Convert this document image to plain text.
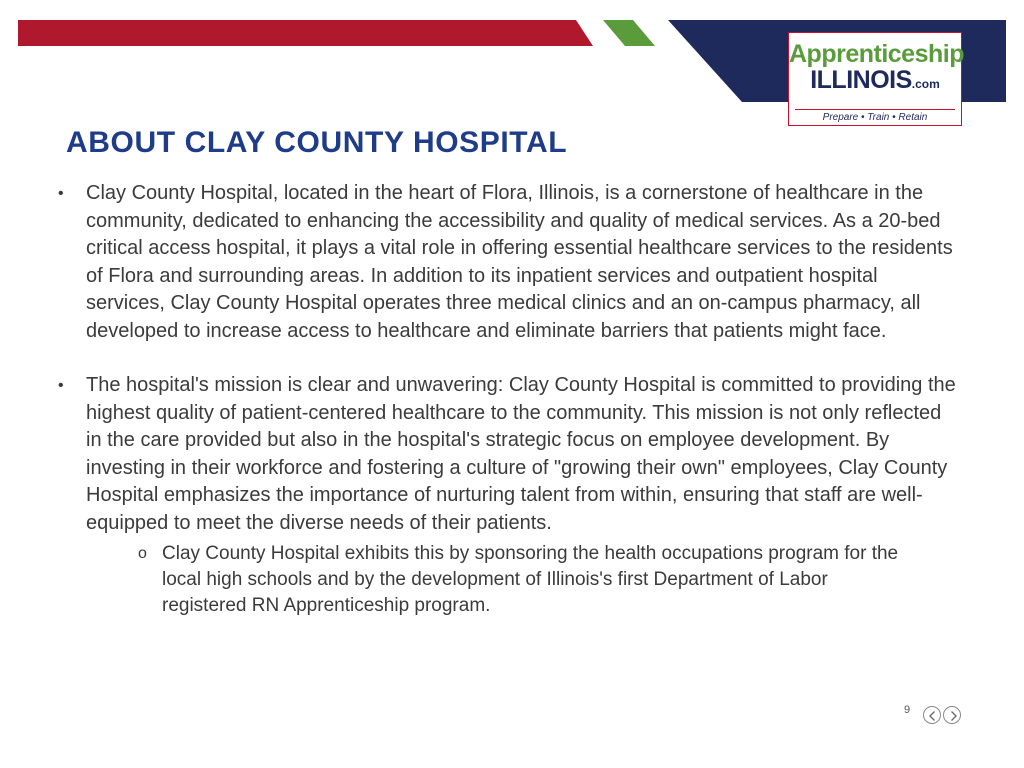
Apprenticeship
ILLINOIS.com
Prepare • Train • Retain
ABOUT CLAY COUNTY HOSPITAL
•	Clay County Hospital, located in the heart of Flora, Illinois, is a cornerstone of healthcare in the community, dedicated to enhancing the accessibility and quality of medical services. As a 20-bed critical access hospital, it plays a vital role in offering essential healthcare services to the residents of Flora and surrounding areas. In addition to its inpatient services and outpatient hospital services, Clay County Hospital operates three medical clinics and an on-campus pharmacy, all developed to increase access to healthcare and eliminate barriers that patients might face.
•	The hospital's mission is clear and unwavering: Clay County Hospital is committed to providing the highest quality of patient-centered healthcare to the community. This mission is not only reflected in the care provided but also in the hospital's strategic focus on employee development. By investing in their workforce and fostering a culture of "growing their own" employees, Clay County Hospital emphasizes the importance of nurturing talent from within, ensuring that staff are well-equipped to meet the diverse needs of their patients.
o Clay County Hospital exhibits this by sponsoring the health occupations program for the local high schools and by the development of Illinois's first Department of Labor registered RN Apprenticeship program.
9
